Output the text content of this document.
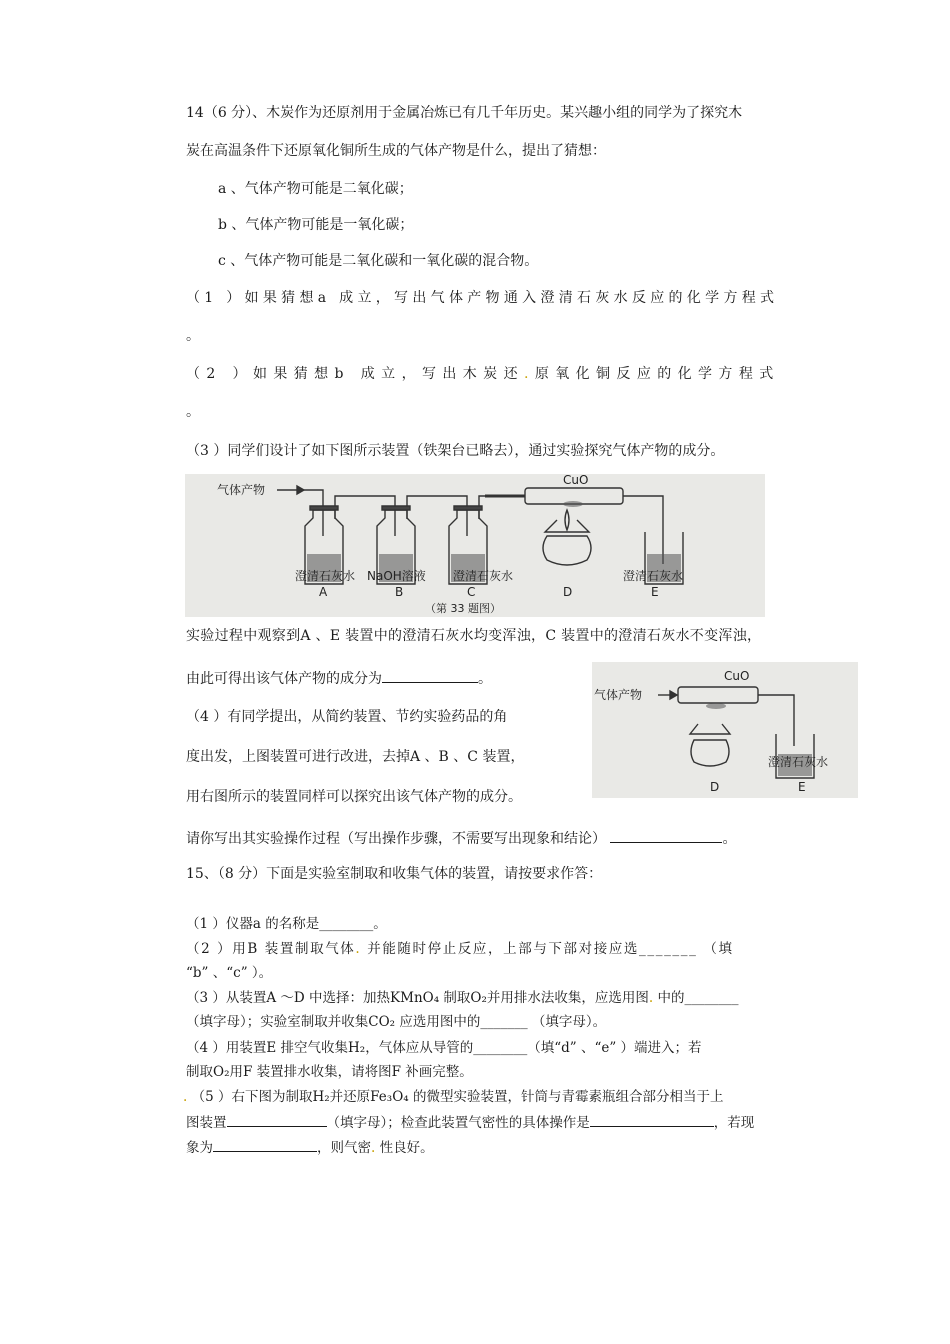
14（6 分）、木炭作为还原剂用于金属冶炼已有几千年历史。某兴趣小组的同学为了探究木
炭在高温条件下还原氧化铜所生成的气体产物是什么，提出了猜想：
a 、气体产物可能是二氧化碳；
b 、气体产物可能是一氧化碳；
c 、气体产物可能是二氧化碳和一氧化碳的混合物。
（1 ）如果猜想a 成立，写出气体产物通入澄清石灰水反应的化学方程式
。
（2 ）如果猜想b 成立，写出木炭还.原氧化铜反应的化学方程式
。
（3 ）同学们设计了如下图所示装置（铁架台已略去），通过实验探究气体产物的成分。
气体产物
CuO
澄清石灰水
A
NaOH溶液
B
澄清石灰水
C	D
澄清石灰水
E
（第 33 题图）
实验过程中观察到A 、E 装置中的澄清石灰水均变浑浊，C 装置中的澄清石灰水不变浑浊，
由此可得出该气体产物的成分为	。
气体产物
CuO
澄清石灰水
D	E
（4 ）有同学提出，从简约装置、节约实验药品的角
度出发，上图装置可进行改进，去掉A 、B 、C 装置，
用右图所示的装置同样可以探究出该气体产物的成分。
请你写出其实验操作过程（写出操作步骤，不需要写出现象和结论）	。
15、（8 分）下面是实验室制取和收集气体的装置，请按要求作答：
（1 ）仪器a 的名称是________。
（2 ）用B 装置制取气体. 并能随时停止反应，上部与下部对接应选_______ （填
“b” 、“c” ）。
（3 ）从装置A ～D 中选择：加热KMnO₄ 制取O₂并用排水法收集，应选用图. 中的________
（填字母）；实验室制取并收集CO₂ 应选用图中的_______ （填字母）。
（4 ）用装置E 排空气收集H₂，气体应从导管的________（填“d” 、“e” ）端进入；若
制取O₂用F 装置排水收集，请将图F 补画完整。
. （5 ）右下图为制取H₂并还原Fe₃O₄ 的微型实验装置，针筒与青霉素瓶组合部分相当于上
图装置	（填字母）；检查此装置气密性的具体操作是	，若现
象为	，则气密. 性良好。
